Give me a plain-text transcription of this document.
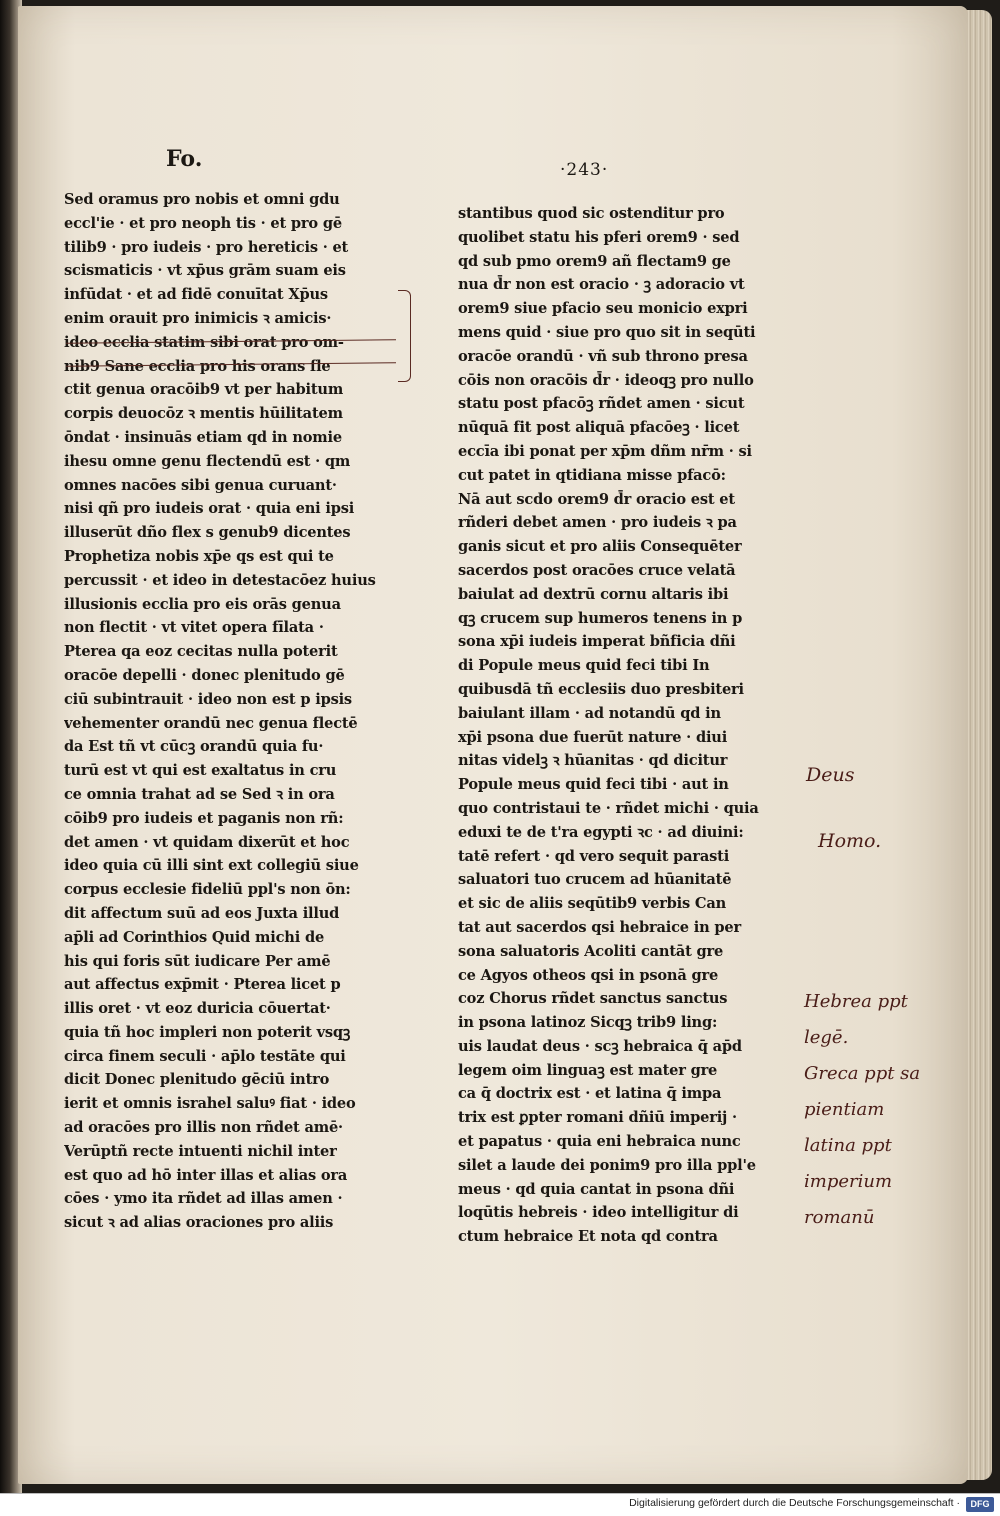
Fo.	·243·
Sed oramus pro nobis et omni gdu
eccl'ie · et pro neoph tis · et pro gē
tilib9 · pro iudeis · pro hereticis · et
scismaticis · vt xp̄us grām suam eis
infūdat · et ad fidē conuītat Xp̄us
enim orauit pro inimicis ꝛ amicis·
ideo ecclia statim sibi orat pro om-
nib9 Sane ecclia pro his orans fle
ctit genua oracōib9 vt per habitum
corpis deuocōz ꝛ mentis hūilitatem
ōndat · insinuās etiam qd in nomie
ihesu omne genu flectendū est · qm
omnes nacōes sibi genua curuant·
nisi qñ pro iudeis orat · quia eni ipsi
illuserūt dño flex s genub9 dicentes
Prophetiza nobis xp̄e qs est qui te
percussit · et ideo in detestacōez huius
illusionis ecclia pro eis orās genua
non flectit · vt vitet opera fīlata ·
Pterea qa eoz cecitas nulla poterit
oracōe depelli · donec plenitudo gē
ciū subintrauit · ideo non est p ipsis
vehementer orandū nec genua flectē
da Est tñ vt cūcꝫ orandū quia fu·
turū est vt qui est exaltatus in cru
ce omnia trahat ad se Sed ꝛ in ora
cōib9 pro iudeis et paganis non rñ:
det amen · vt quidam dixerūt et hoc
ideo quia cū illi sint ext collegiū siue
corpus ecclesie fideliū ppl's non ōn:
dit affectum suū ad eos Juxta illud
ap̄li ad Corinthios Quid michi de
his qui foris sūt iudicare Per amē
aut affectus exp̄mit · Pterea licet p
illis oret · vt eoz duricia cōuertat·
quia tñ hoc impleri non poterit vsqꝫ
circa finem seculi · ap̄lo testāte qui
dicit Donec plenitudo gēciū intro
ierit et omnis israhel saluꝰ fiat · ideo
ad oracōes pro illis non rñdet amē·
Verūptñ recte intuenti nichil inter
est quo ad hō inter illas et alias ora
cōes · ymo ita rñdet ad illas amen ·
sicut ꝛ ad alias oraciones pro aliis
stantibus quod sic ostenditur pro
quolibet statu his pferi orem9 · sed
qd sub pmo orem9 añ flectam9 ge
nua d̄r non est oracio · ꝫ adoracio vt
orem9 siue pfacio seu monicio expri
mens quid · siue pro quo sit in seqūti
oracōe orandū · vñ sub throno presa
cōis non oracōis d̄r · ideoqꝫ pro nullo
statu post pfacōꝫ rñdet amen · sicut
nūquā fit post aliquā pfacōeꝫ · licet
eccīa ibi ponat per xp̄m dñm nr̄m · si
cut patet in qtidiana misse pfacō:
Nā aut scdo orem9 d̄r oracio est et
rñderi debet amen · pro iudeis ꝛ pa
ganis sicut et pro aliis Consequēter
sacerdos post oracōes cruce velatā
baiulat ad dextrū cornu altaris ibi
qꝫ crucem sup humeros tenens in p
sona xp̄i iudeis imperat bñficia dñi
di Popule meus quid feci tibi In
quibusdā tñ ecclesiis duo presbiteri
baiulant illam · ad notandū qd in
xp̄i psona due fuerūt nature · diui
nitas videlꝫ ꝛ hūanitas · qd dicitur
Popule meus quid feci tibi · aut in
quo contristaui te · rñdet michi · quia
eduxi te de t'ra egypti ꝛc · ad diuini:
tatē refert · qd vero sequit parasti
saluatori tuo crucem ad hūanitatē
et sic de aliis seqūtib9 verbis Can
tat aut sacerdos qsi hebraice in per
sona saluatoris Acoliti cantāt gre
ce Agyos otheos qsi in psonā gre
coz Chorus rñdet sanctus sanctus
in psona latinoz Sicqꝫ trib9 ling:
uis laudat deus · scꝫ hebraica q̄ ap̄d
legem oim linguaꝫ est mater gre
ca q̄ doctrix est · et latina q̄ impa
trix est ꝑpter romani dñiū imperij ·
et papatus · quia eni hebraica nunc
silet a laude dei ponim9 pro illa ppl'e
meus · qd quia cantat in psona dñi
loqūtis hebreis · ideo intelligitur di
ctum hebraice Et nota qd contra
Deus
Homo.
Hebrea ppt
legē.
Greca ppt sa
pientiam
latina ppt
imperium
romanū
Digitalisierung gefördert durch die Deutsche Forschungsgemeinschaft ·	DFG
